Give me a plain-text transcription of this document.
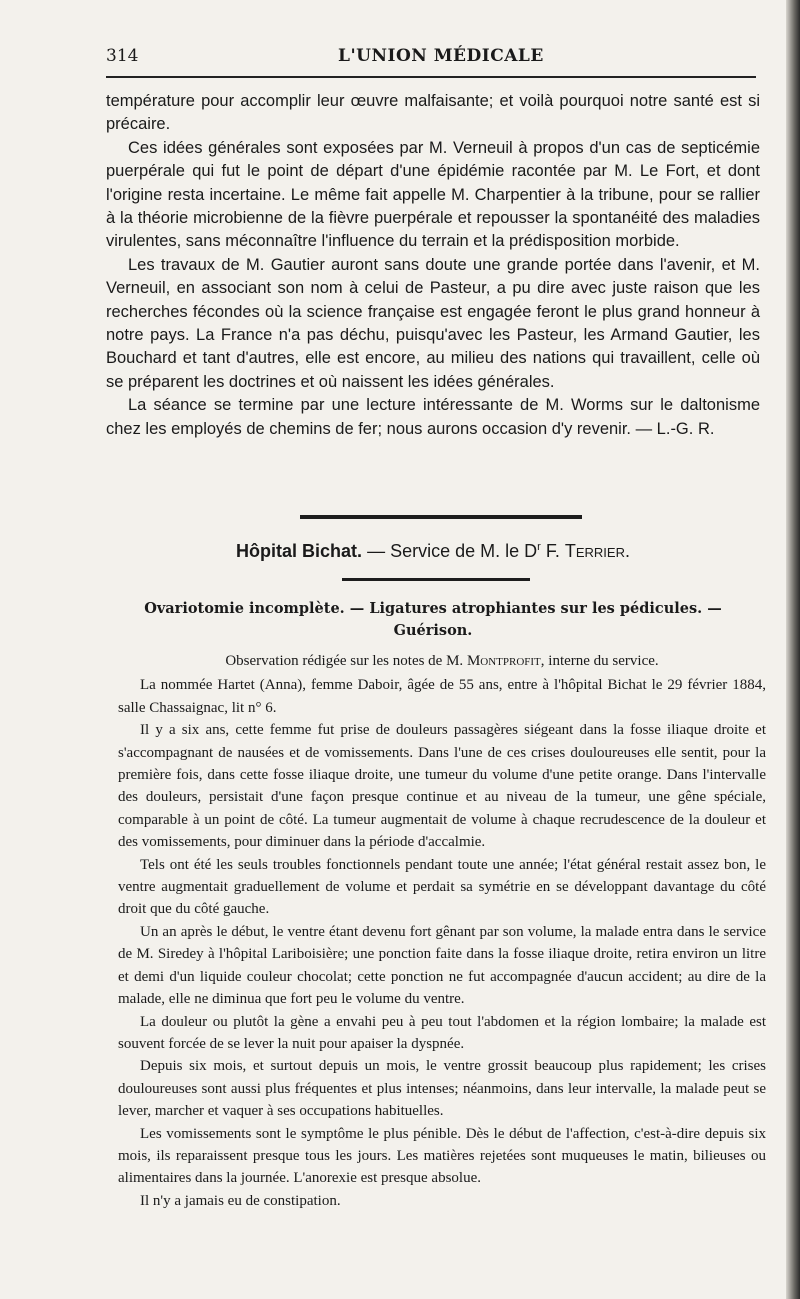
314	L'UNION MÉDICALE

température pour accomplir leur œuvre malfaisante; et voilà pourquoi notre santé est si précaire.

Ces idées générales sont exposées par M. Verneuil à propos d'un cas de septicémie puerpérale qui fut le point de départ d'une épidémie racontée par M. Le Fort, et dont l'origine resta incertaine. Le même fait appelle M. Charpentier à la tribune, pour se rallier à la théorie microbienne de la fièvre puerpérale et repousser la spontanéité des maladies virulentes, sans méconnaître l'influence du terrain et la prédisposition morbide.

Les travaux de M. Gautier auront sans doute une grande portée dans l'avenir, et M. Verneuil, en associant son nom à celui de Pasteur, a pu dire avec juste raison que les recherches fécondes où la science française est engagée feront le plus grand honneur à notre pays. La France n'a pas déchu, puisqu'avec les Pasteur, les Armand Gautier, les Bouchard et tant d'autres, elle est encore, au milieu des nations qui travaillent, celle où se préparent les doctrines et où naissent les idées générales.

La séance se termine par une lecture intéressante de M. Worms sur le daltonisme chez les employés de chemins de fer; nous aurons occasion d'y revenir. — L.-G. R.

Hôpital Bichat. — Service de M. le $D^r$ F. Terrier.
Ovariotomie incomplète. — Ligatures atrophiantes sur les pédicules. — Guérison.

Observation rédigée sur les notes de M. Montprofit, interne du service.

La nommée Hartet (Anna), femme Daboir, âgée de 55 ans, entre à l'hôpital Bichat le 29 février 1884, salle Chassaignac, lit n° 6.

Il y a six ans, cette femme fut prise de douleurs passagères siégeant dans la fosse iliaque droite et s'accompagnant de nausées et de vomissements. Dans l'une de ces crises douloureuses elle sentit, pour la première fois, dans cette fosse iliaque droite, une tumeur du volume d'une petite orange. Dans l'intervalle des douleurs, persistait d'une façon presque continue et au niveau de la tumeur, une gêne spéciale, comparable à un point de côté. La tumeur augmentait de volume à chaque recrudescence de la douleur et des vomissements, pour diminuer dans la période d'accalmie.

Tels ont été les seuls troubles fonctionnels pendant toute une année; l'état général restait assez bon, le ventre augmentait graduellement de volume et perdait sa symétrie en se développant davantage du côté droit que du côté gauche.

Un an après le début, le ventre étant devenu fort gênant par son volume, la malade entra dans le service de M. Siredey à l'hôpital Lariboisière; une ponction faite dans la fosse iliaque droite, retira environ un litre et demi d'un liquide couleur chocolat; cette ponction ne fut accompagnée d'aucun accident; au dire de la malade, elle ne diminua que fort peu le volume du ventre.

La douleur ou plutôt la gène a envahi peu à peu tout l'abdomen et la région lombaire; la malade est souvent forcée de se lever la nuit pour apaiser la dyspnée.

Depuis six mois, et surtout depuis un mois, le ventre grossit beaucoup plus rapidement; les crises douloureuses sont aussi plus fréquentes et plus intenses; néanmoins, dans leur intervalle, la malade peut se lever, marcher et vaquer à ses occupations habituelles.

Les vomissements sont le symptôme le plus pénible. Dès le début de l'affection, c'est-à-dire depuis six mois, ils reparaissent presque tous les jours. Les matières rejetées sont muqueuses le matin, bilieuses ou alimentaires dans la journée. L'anorexie est presque absolue.

Il n'y a jamais eu de constipation.
